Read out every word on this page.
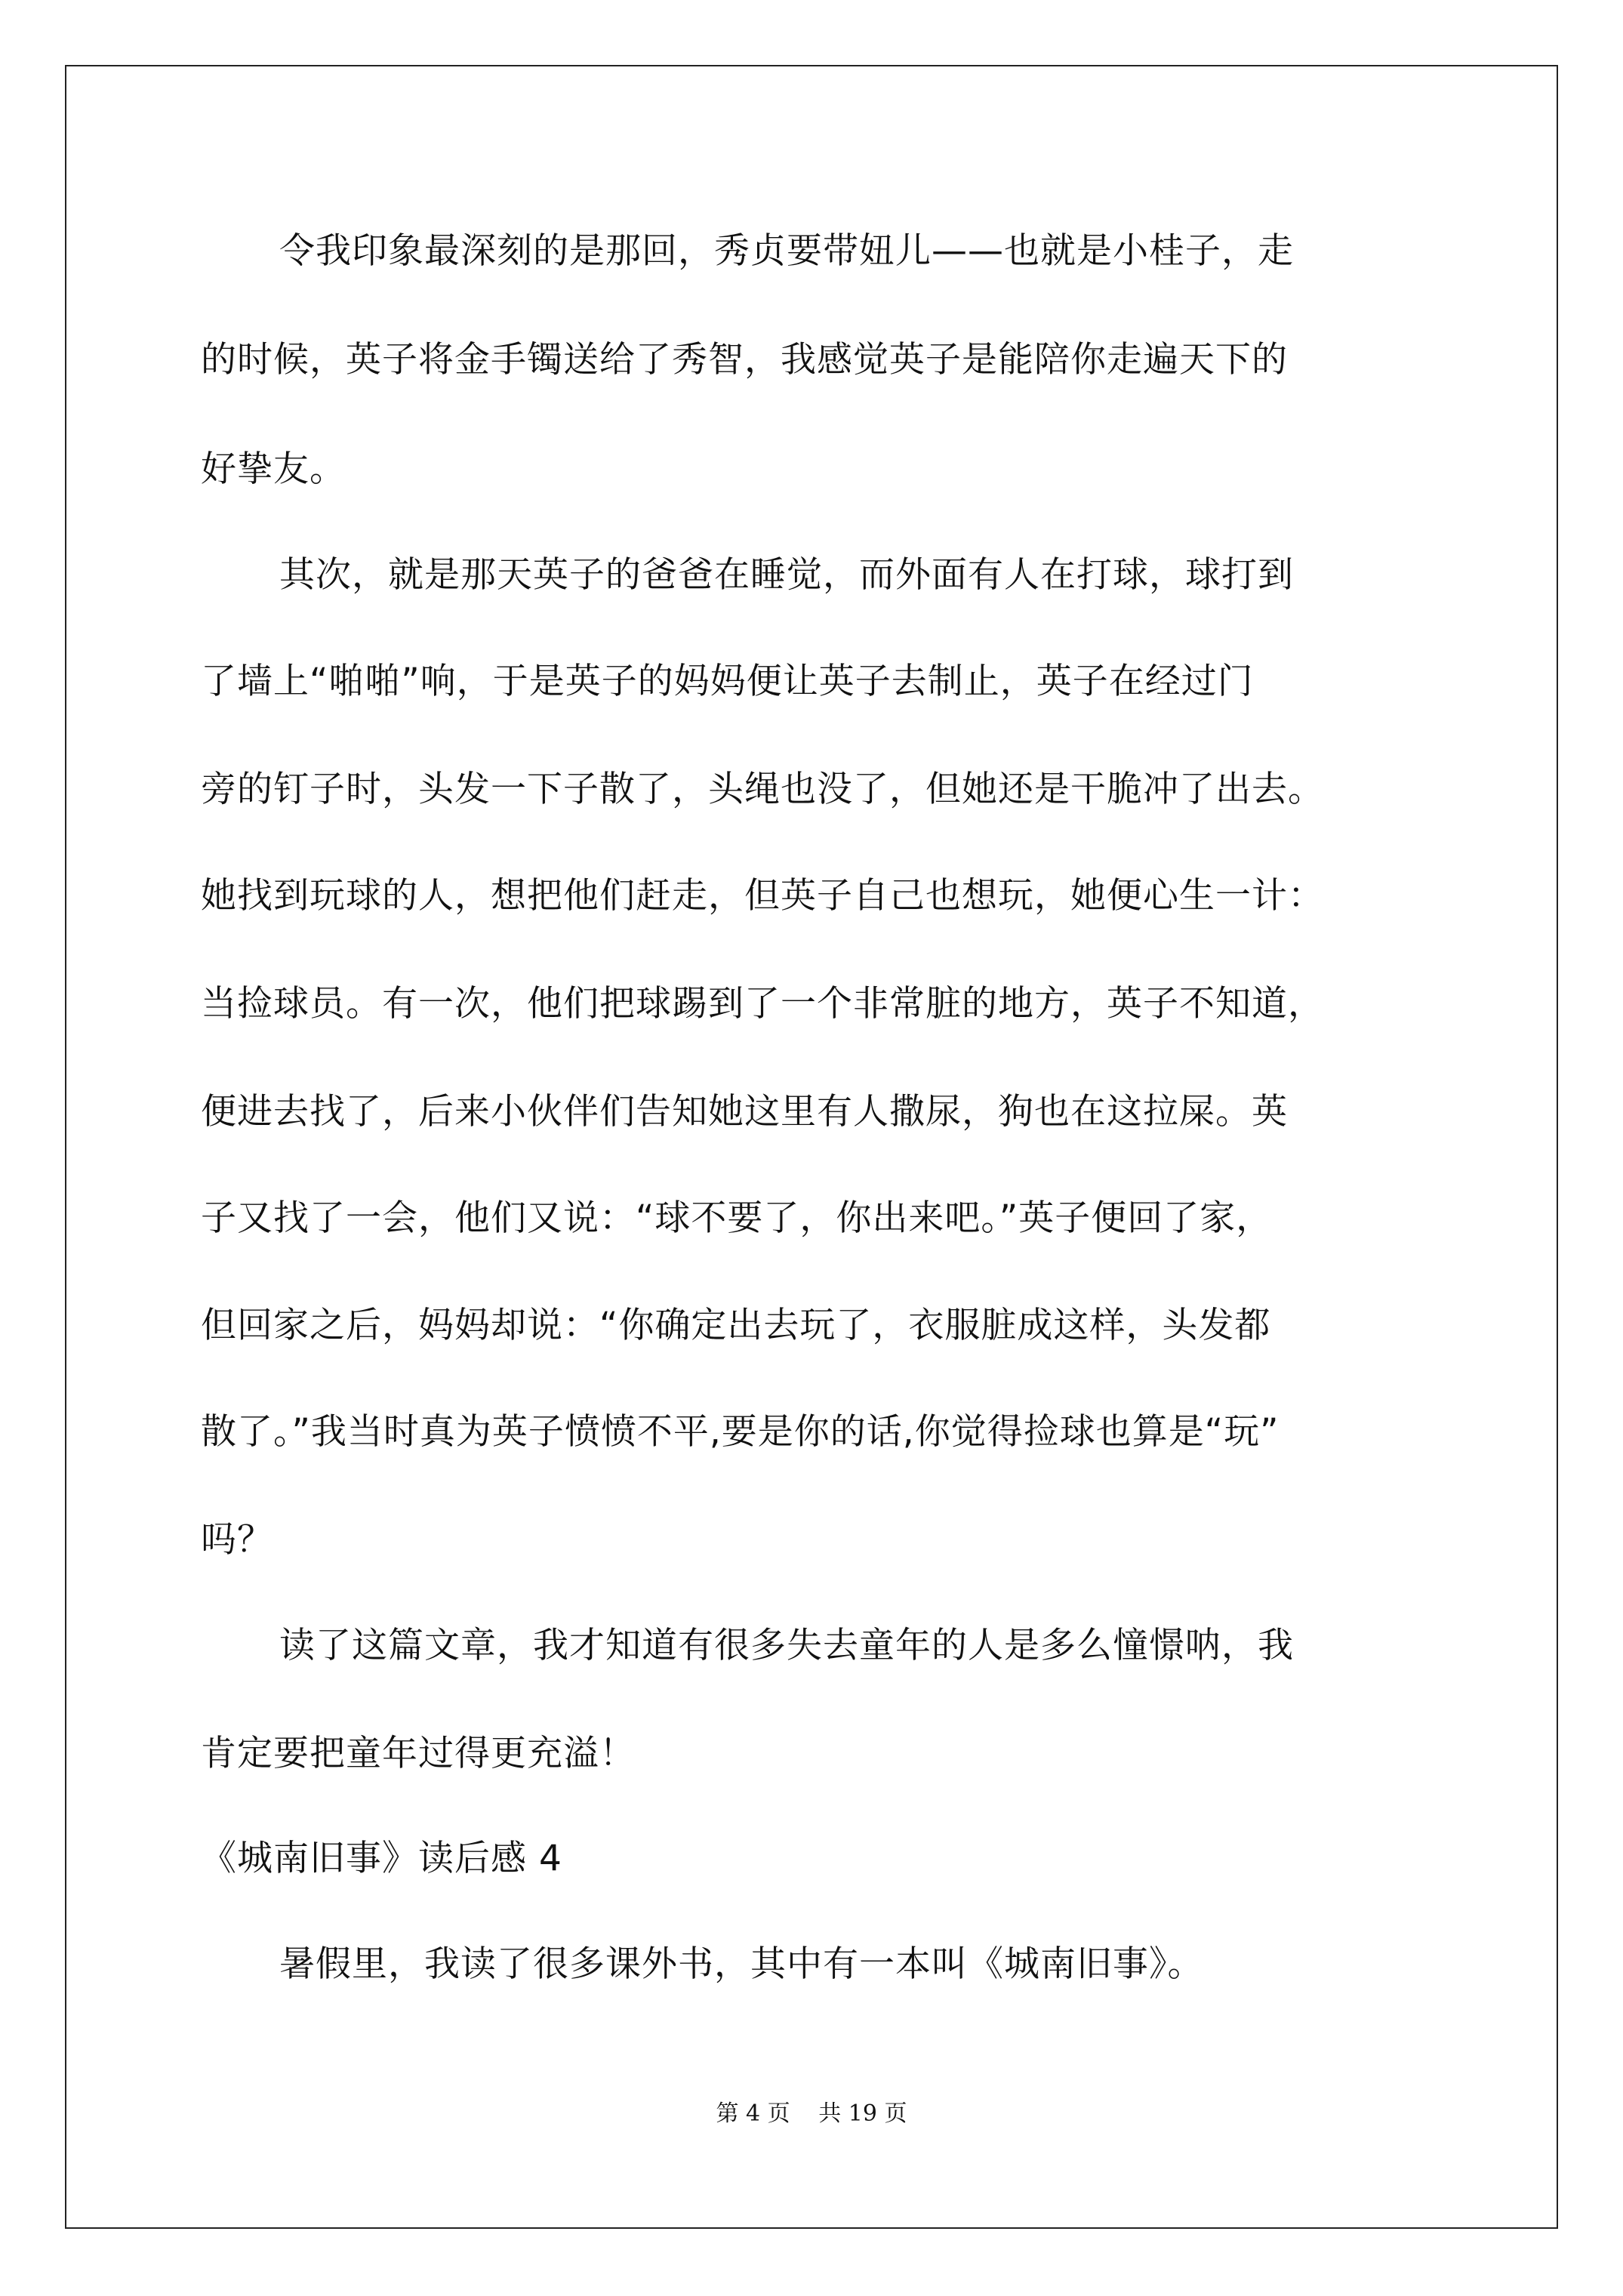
令我印象最深刻的是那回，秀贞要带妞儿——也就是小桂子，走
的时候，英子将金手镯送给了秀智，我感觉英子是能陪你走遍天下的
好挚友。
其次，就是那天英子的爸爸在睡觉，而外面有人在打球，球打到
了墙上“啪啪”响，于是英子的妈妈便让英子去制止，英子在经过门
旁的钉子时，头发一下子散了，头绳也没了，但她还是干脆冲了出去。
她找到玩球的人，想把他们赶走，但英子自己也想玩，她便心生一计：
当捡球员。有一次，他们把球踢到了一个非常脏的地方，英子不知道，
便进去找了，后来小伙伴们告知她这里有人撒尿，狗也在这拉屎。英
子又找了一会，他们又说：“球不要了，你出来吧。”英子便回了家，
但回家之后，妈妈却说：“你确定出去玩了，衣服脏成这样，头发都
散了。”我当时真为英子愤愤不平,要是你的话,你觉得捡球也算是“玩”
吗？
读了这篇文章，我才知道有很多失去童年的人是多么憧憬呐，我
肯定要把童年过得更充溢！
《城南旧事》读后感 4
暑假里，我读了很多课外书，其中有一本叫《城南旧事》。
第 4 页 共 19 页
